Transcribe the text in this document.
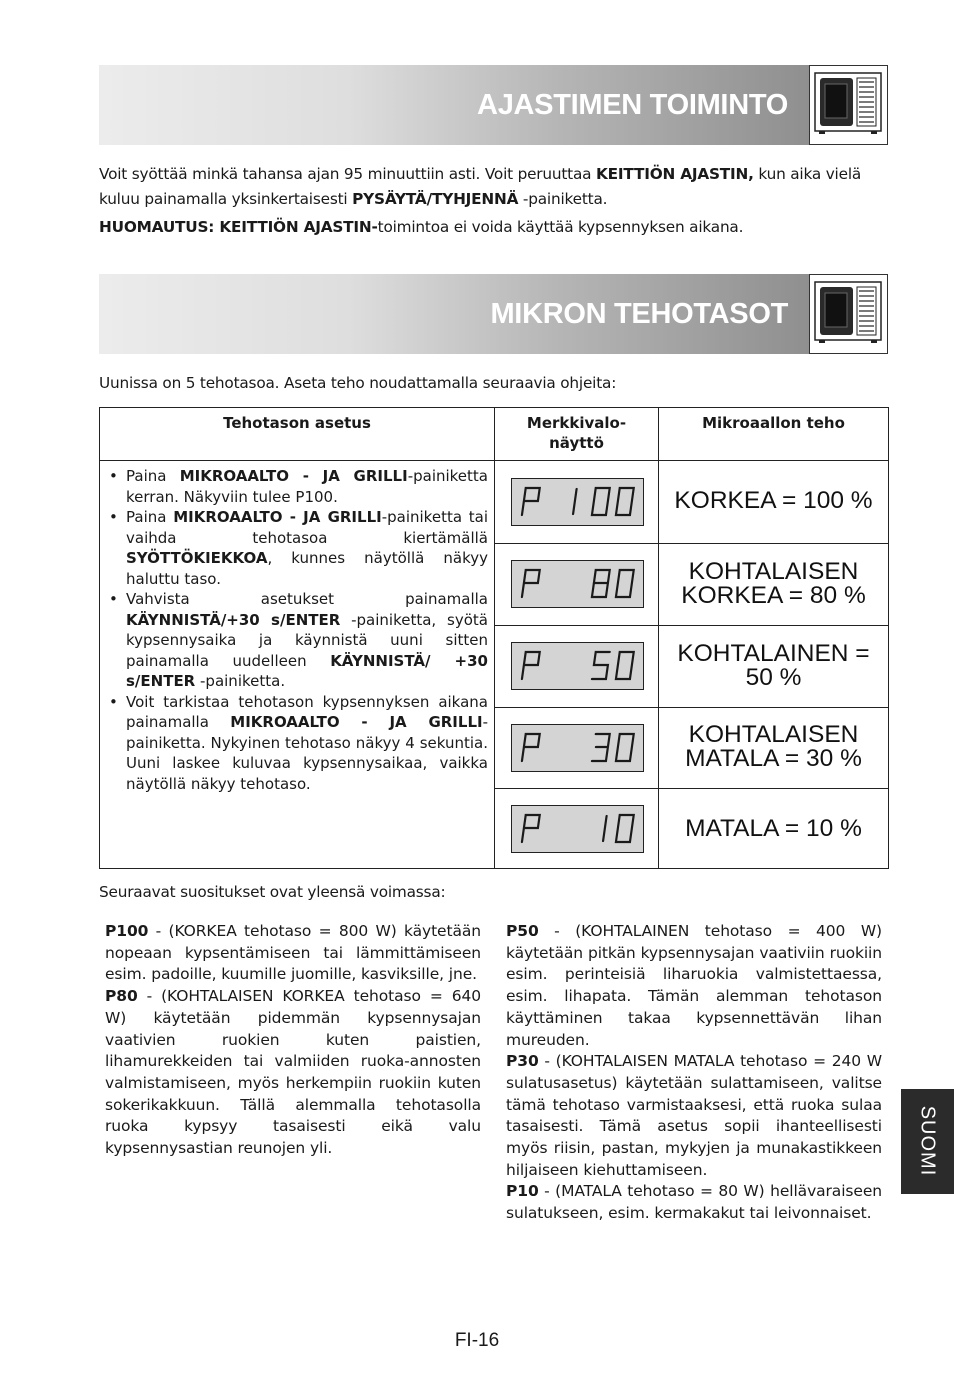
AJASTIMEN TOIMINTO
Voit syöttää minkä tahansa ajan 95 minuuttiin asti. Voit peruuttaa KEITTIÖN AJASTIN, kun aika vielä kuluu painamalla yksinkertaisesti PYSÄYTÄ/TYHJENNÄ -painiketta.
HUOMAUTUS: KEITTIÖN AJASTIN-toimintoa ei voida käyttää kypsennyksen aikana.
MIKRON TEHOTASOT
Uunissa on 5 tehotasoa. Aseta teho noudattamalla seuraavia ohjeita:
Tehotason asetus	Merkkivalo-
näyttö
Mikroaallon teho
• Paina MIKROAALTO - JA GRILLI-painiketta kerran. Näkyviin tulee P100.
• Paina MIKROAALTO - JA GRILLI-painiketta tai vaihda tehotasoa kiertämällä SYÖTTÖKIEKKOA, kunnes näytöllä näkyy haluttu taso.
• Vahvista asetukset painamalla KÄYNNISTÄ/+30 s/ENTER -painiketta, syötä kypsennysaika ja käynnistä uuni sitten painamalla uudelleen KÄYNNISTÄ/ +30 s/ENTER -painiketta.
• Voit tarkistaa tehotason kypsennyksen aikana painamalla MIKROAALTO - JA GRILLI-painiketta. Nykyinen tehotaso näkyy 4 sekuntia. Uuni laskee kuluvaa kypsennysaikaa, vaikka näytöllä näkyy tehotaso.
KORKEA = 100 %
KOHTALAISEN
KORKEA = 80 %
KOHTALAINEN =
50 %
KOHTALAISEN
MATALA = 30 %
MATALA = 10 %
Seuraavat suositukset ovat yleensä voimassa:
P100 - (KORKEA tehotaso = 800 W) käytetään nopeaan kypsentämiseen tai lämmittämiseen esim. padoille, kuumille juomille, kasviksille, jne.
P80 - (KOHTALAISEN KORKEA tehotaso = 640 W) käytetään pidemmän kypsennysajan vaativien ruokien kuten paistien, lihamurekkeiden tai valmiiden ruoka-annosten valmistamiseen, myös herkempiin ruokiin kuten sokerikakkuun. Tällä alemmalla tehotasolla ruoka kypsyy tasaisesti eikä valu kypsennysastian reunojen yli.
P50 - (KOHTALAINEN tehotaso = 400 W) käytetään pitkän kypsennysajan vaativiin ruokiin esim. perinteisiä liharuokia valmistettaessa, esim. lihapata. Tämän alemman tehotason käyttäminen takaa kypsennettävän lihan mureuden.
P30 - (KOHTALAISEN MATALA tehotaso = 240 W sulatusasetus) käytetään sulattamiseen, valitse tämä tehotaso varmistaaksesi, että ruoka sulaa tasaisesti. Tämä asetus sopii ihanteellisesti myös riisin, pastan, mykyjen ja munakastikkeen hiljaiseen kiehuttamiseen.
P10 - (MATALA tehotaso = 80 W) hellävaraiseen sulatukseen, esim. kermakakut tai leivonnaiset.
SUOMI
FI-16
